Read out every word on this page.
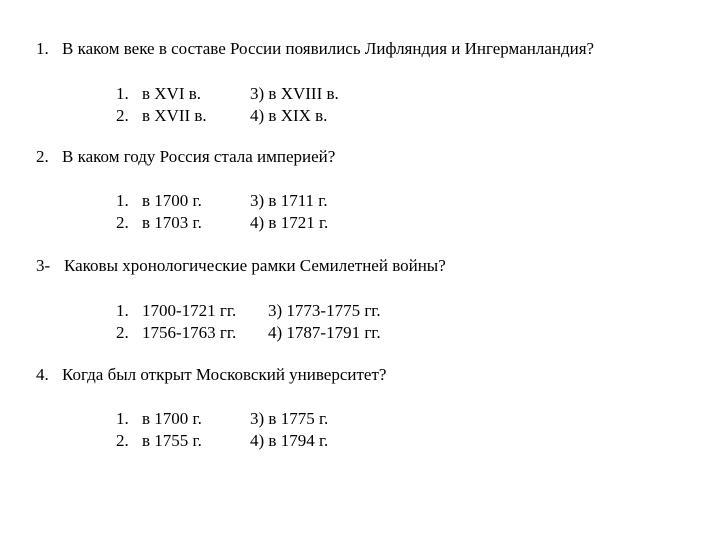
1. В каком веке в составе России появились Лифляндия и Ингерманландия?
1. в XVI в.
2. в XVII в.
3) в XVIII в.
4) в XIX в.
2. В каком году Россия стала империей?
1. в 1700 г.
2. в 1703 г.
3) в 1711 г.
4) в 1721 г.
3- Каковы хронологические рамки Семилетней войны?
1. 1700-1721 гг.
2. 1756-1763 гг.
3) 1773-1775 гг.
4) 1787-1791 гг.
4. Когда был открыт Московский университет?
1. в 1700 г.
2. в 1755 г.
3) в 1775 г.
4) в 1794 г.
